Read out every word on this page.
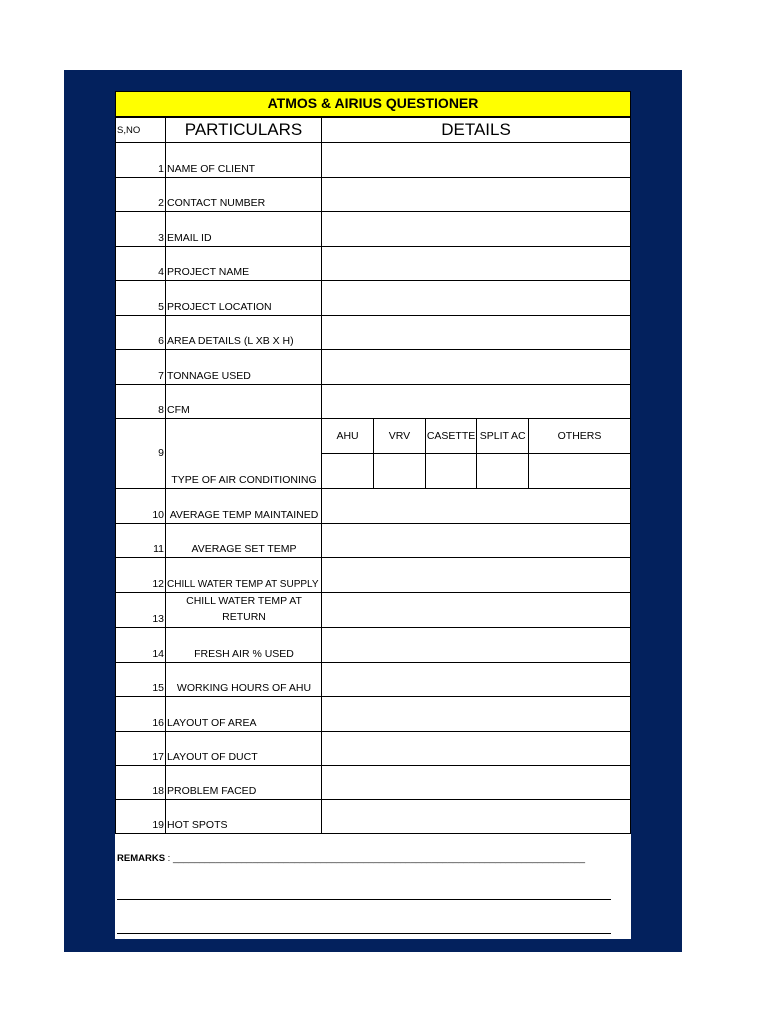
ATMOS & AIRIUS QUESTIONER
S,NO	PARTICULARS	DETAILS
1	NAME OF CLIENT	
2	CONTACT NUMBER	
3	EMAIL ID	
4	PROJECT NAME	
5	PROJECT LOCATION	
6	AREA DETAILS (L XB X H)	
7	TONNAGE USED	
8	CFM	
9	TYPE OF AIR CONDITIONING	
AHU	VRV	CASETTE	SPLIT AC	OTHERS

10	AVERAGE TEMP MAINTAINED	
11	AVERAGE SET TEMP	
12	CHILL WATER TEMP AT SUPPLY	
13	CHILL WATER TEMP AT RETURN	
14	FRESH AIR % USED	
15	WORKING HOURS OF AHU	
16	LAYOUT OF AREA	
17	LAYOUT OF DUCT	
18	PROBLEM FACED	
19	HOT SPOTS	
REMARKS : ______________________________________________________________________________
